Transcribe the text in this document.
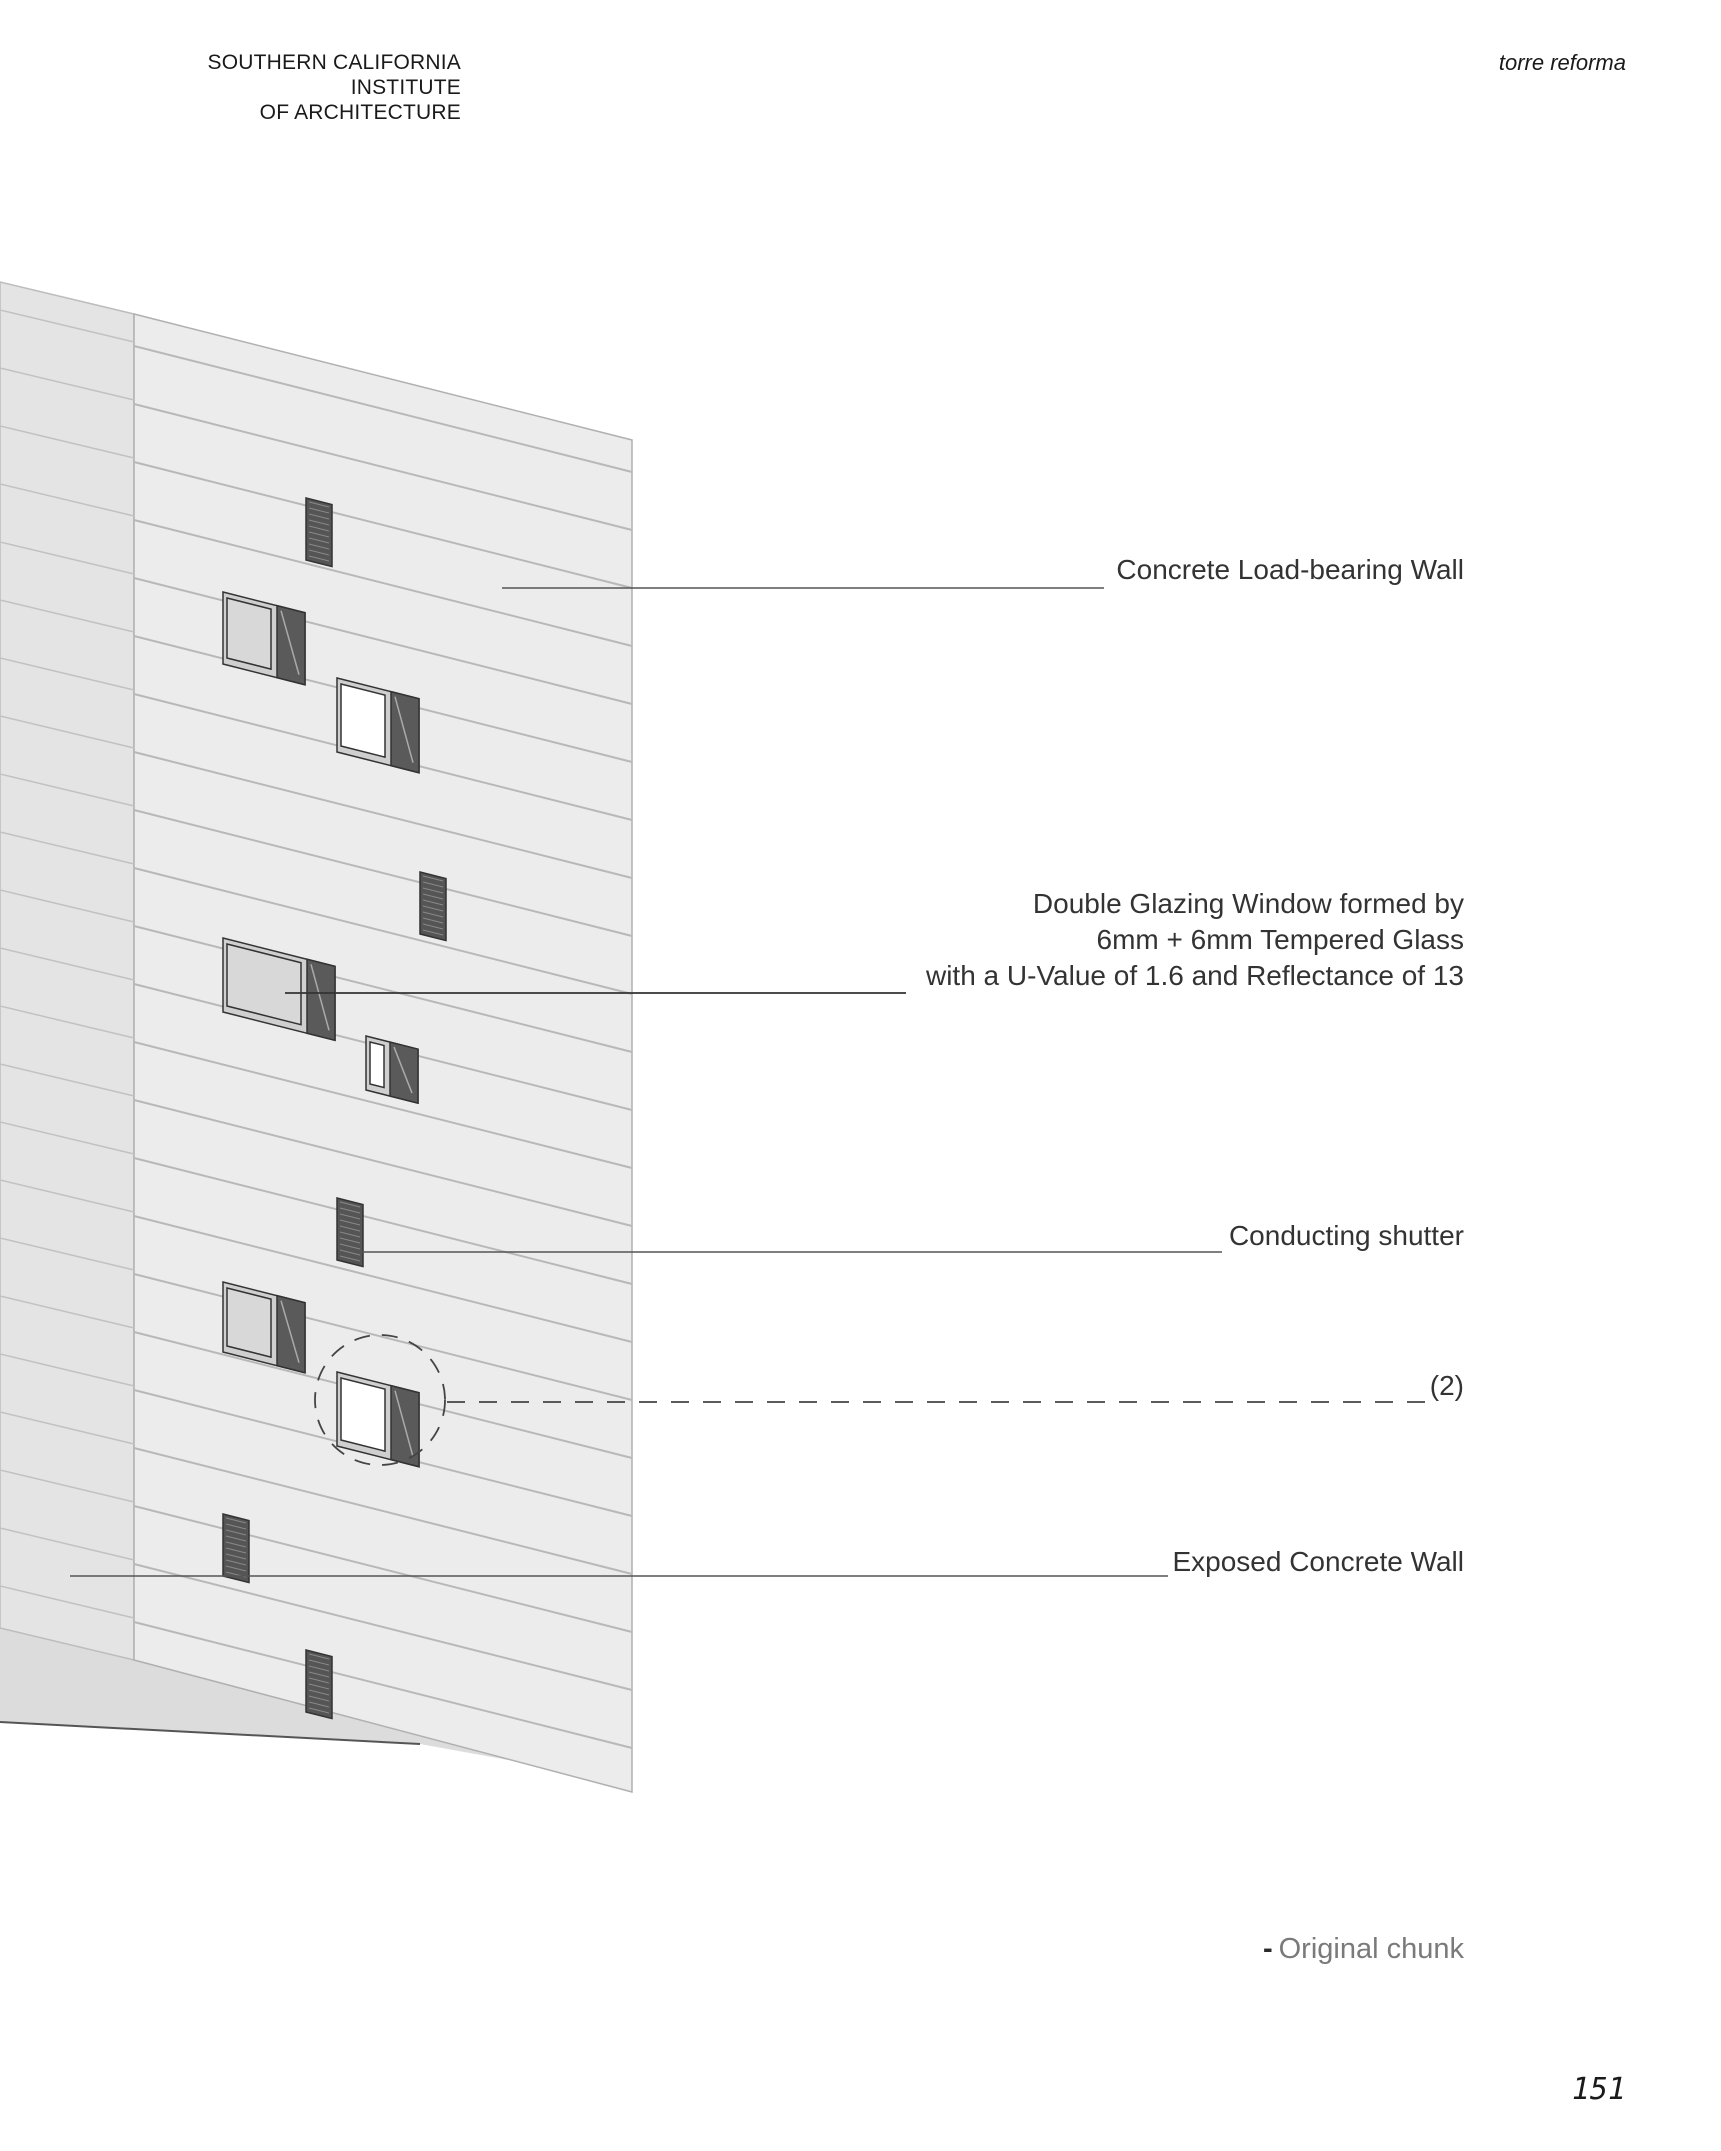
SOUTHERN CALIFORNIA INSTITUTE
OF ARCHITECTURE
torre reforma
Concrete Load-bearing Wall
Double Glazing Window formed by
6mm + 6mm Tempered Glass
with a U-Value of 1.6 and Reflectance of 13
Conducting shutter
(2)
Exposed Concrete Wall
- Original chunk
151
